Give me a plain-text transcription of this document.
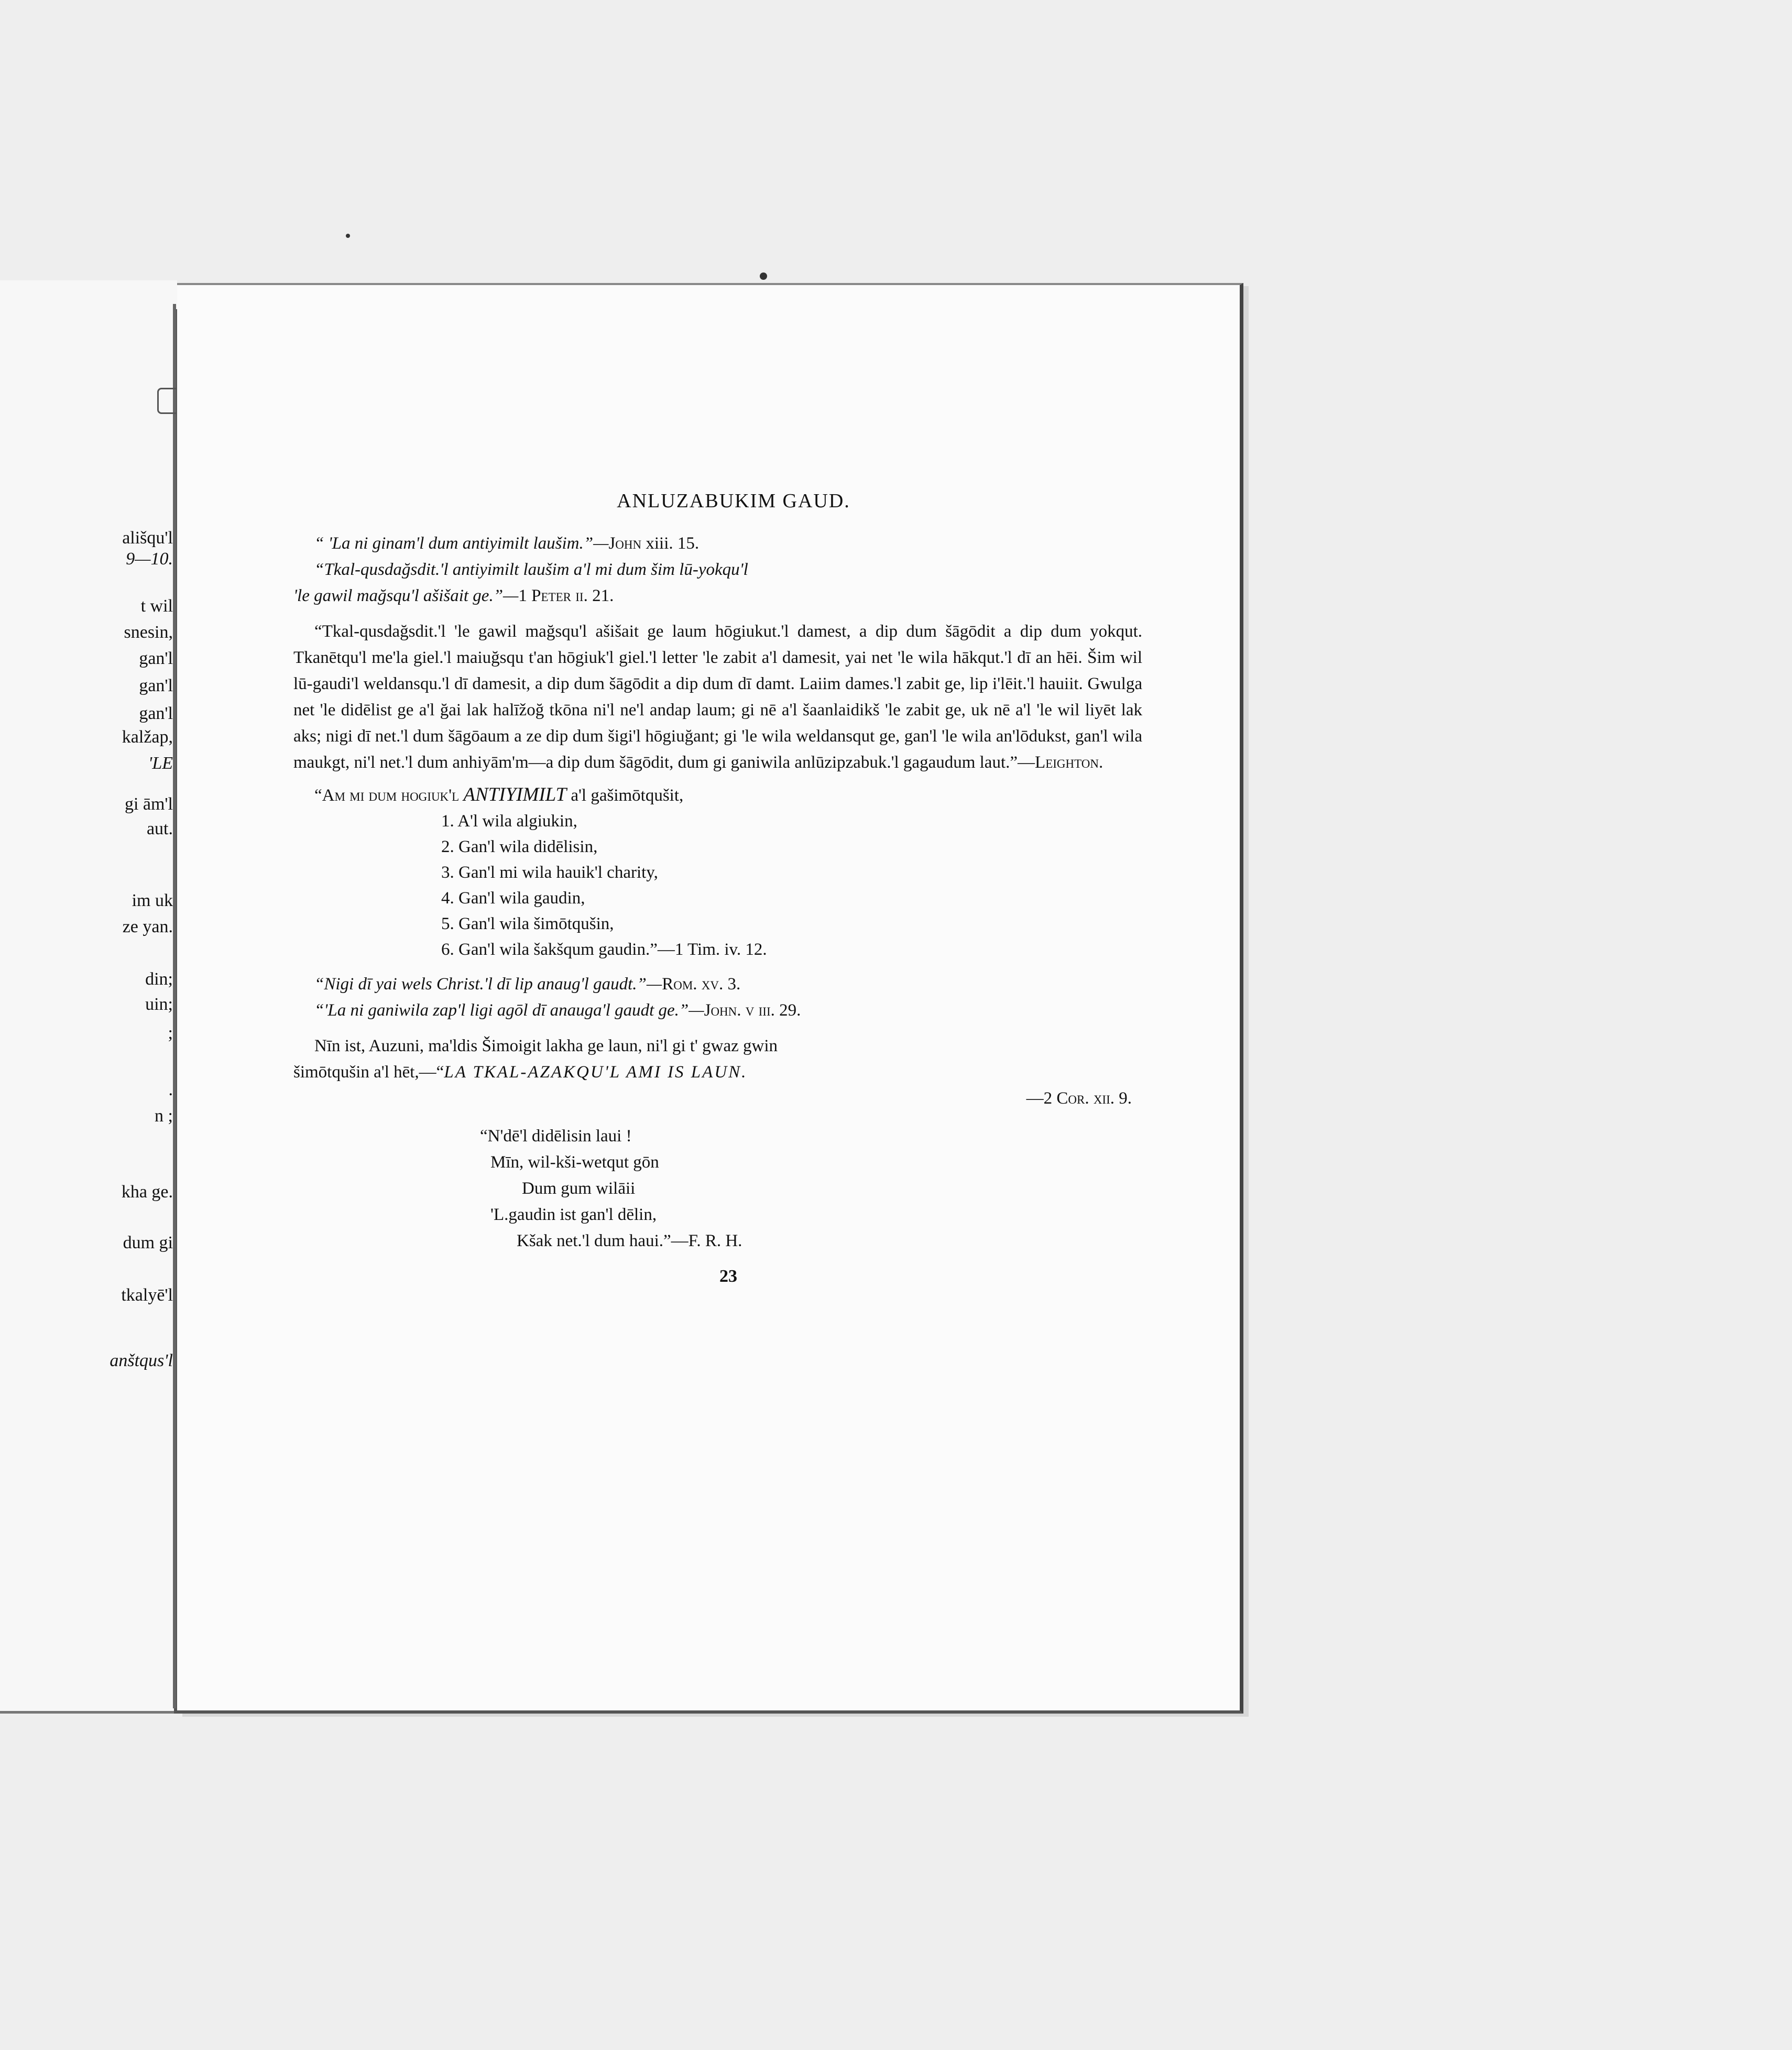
ališqu'l
9—10.
t wil
snesin,
gan'l
gan'l
gan'l
kalžap,
'LE
gi ām'l
aut.
im uk
ze yan.
din;
uin;
;
.
n ;
kha ge.
dum gi
tkalyē'l
anštqus'l
ANLUZABUKIM GAUD.
“ 'La ni ginam'l dum antiyimilt laušim.”—John xiii. 15.
“Tkal-qusdağsdit.'l antiyimilt laušim a'l mi dum šim lū-yokqu'l
'le gawil mağsqu'l ašišait ge.”—1 Peter ii. 21.
“Tkal-qusdağsdit.'l 'le gawil mağsqu'l ašišait ge laum hōgiukut.'l damest, a dip dum šāgōdit a dip dum yokqut. Tkanētqu'l me'la giel.'l maiuğsqu t'an hōgiuk'l giel.'l letter 'le zabit a'l damesit, yai net 'le wila hākqut.'l dī an hēi. Šim wil lū-gaudi'l weldansqu.'l dī damesit, a dip dum šāgōdit a dip dum dī damt. Laiim dames.'l zabit ge, lip i'lēit.'l hauiit. Gwulga net 'le didēlist ge a'l ğai lak halīžoğ tkōna ni'l ne'l andap laum; gi nē a'l šaanlaidikš 'le zabit ge, uk nē a'l 'le wil liyēt lak aks; nigi dī net.'l dum šāgōaum a ze dip dum šigi'l hōgiuğant; gi 'le wila weldansqut ge, gan'l 'le wila an'lōdukst, gan'l wila maukgt, ni'l net.'l dum anhiyām'm—a dip dum šāgōdit, dum gi ganiwila anlūzipzabuk.'l gagaudum laut.”—Leighton.
“Am mi dum hogiuk'l ANTIYIMILT a'l gašimōtqušit,
1. A'l wila algiukin,
2. Gan'l wila didēlisin,
3. Gan'l mi wila hauik'l charity,
4. Gan'l wila gaudin,
5. Gan'l wila šimōtqušin,
6. Gan'l wila šakšqum gaudin.”—1 Tim. iv. 12.
“Nigi dī yai wels Christ.'l dī lip anaug'l gaudt.”—Rom. xv. 3.
“'La ni ganiwila zap'l ligi agōl dī anauga'l gaudt ge.”—John. v iii. 29.
Nīn ist, Auzuni, ma'ldis Šimoigit lakha ge laun, ni'l gi t' gwaz gwin
šimōtqušin a'l hēt,—“LA TKAL-AZAKQU'L AMI IS LAUN.
—2 Cor. xii. 9.
“N'dē'l didēlisin laui !
Mīn, wil-kši-wetqut gōn
Dum gum wilāii
'L.gaudin ist gan'l dēlin,
Kšak net.'l dum haui.”—F. R. H.
23
